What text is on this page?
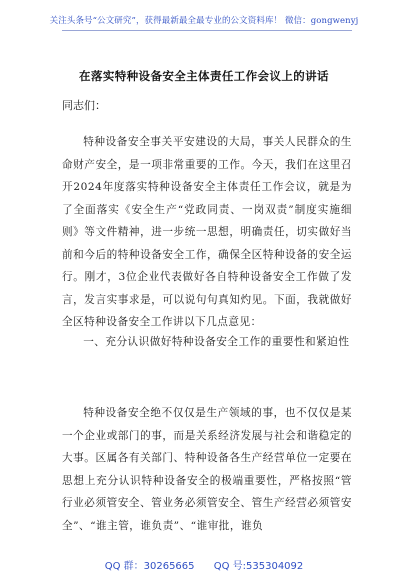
关注头条号“公文研究”，获得最新最全最专业的公文资料库！ 微信：gongwenyj
在落实特种设备安全主体责任工作会议上的讲话
同志们：

特种设备安全事关平安建设的大局，事关人民群众的生命财产安全，是一项非常重要的工作。今天，我们在这里召开2024年度落实特种设备安全主体责任工作会议，就是为了全面落实《安全生产“党政同责、一岗双责”制度实施细则》等文件精神，进一步统一思想，明确责任，切实做好当前和今后的特种设备安全工作，确保全区特种设备的安全运行。刚才，3位企业代表做好各自特种设备安全工作做了发言，发言实事求是，可以说句句真知灼见。下面，我就做好全区特种设备安全工作讲以下几点意见：

一、充分认识做好特种设备安全工作的重要性和紧迫性

特种设备安全绝不仅仅是生产领域的事，也不仅仅是某一个企业或部门的事，而是关系经济发展与社会和谐稳定的大事。区属各有关部门、特种设备各生产经营单位一定要在思想上充分认识特种设备安全的极端重要性，严格按照“管行业必须管安全、管业务必须管安全、管生产经营必须管安全”、“谁主管，谁负责”、“谁审批，谁负

QQ 群：30265665 QQ 号:535304092
